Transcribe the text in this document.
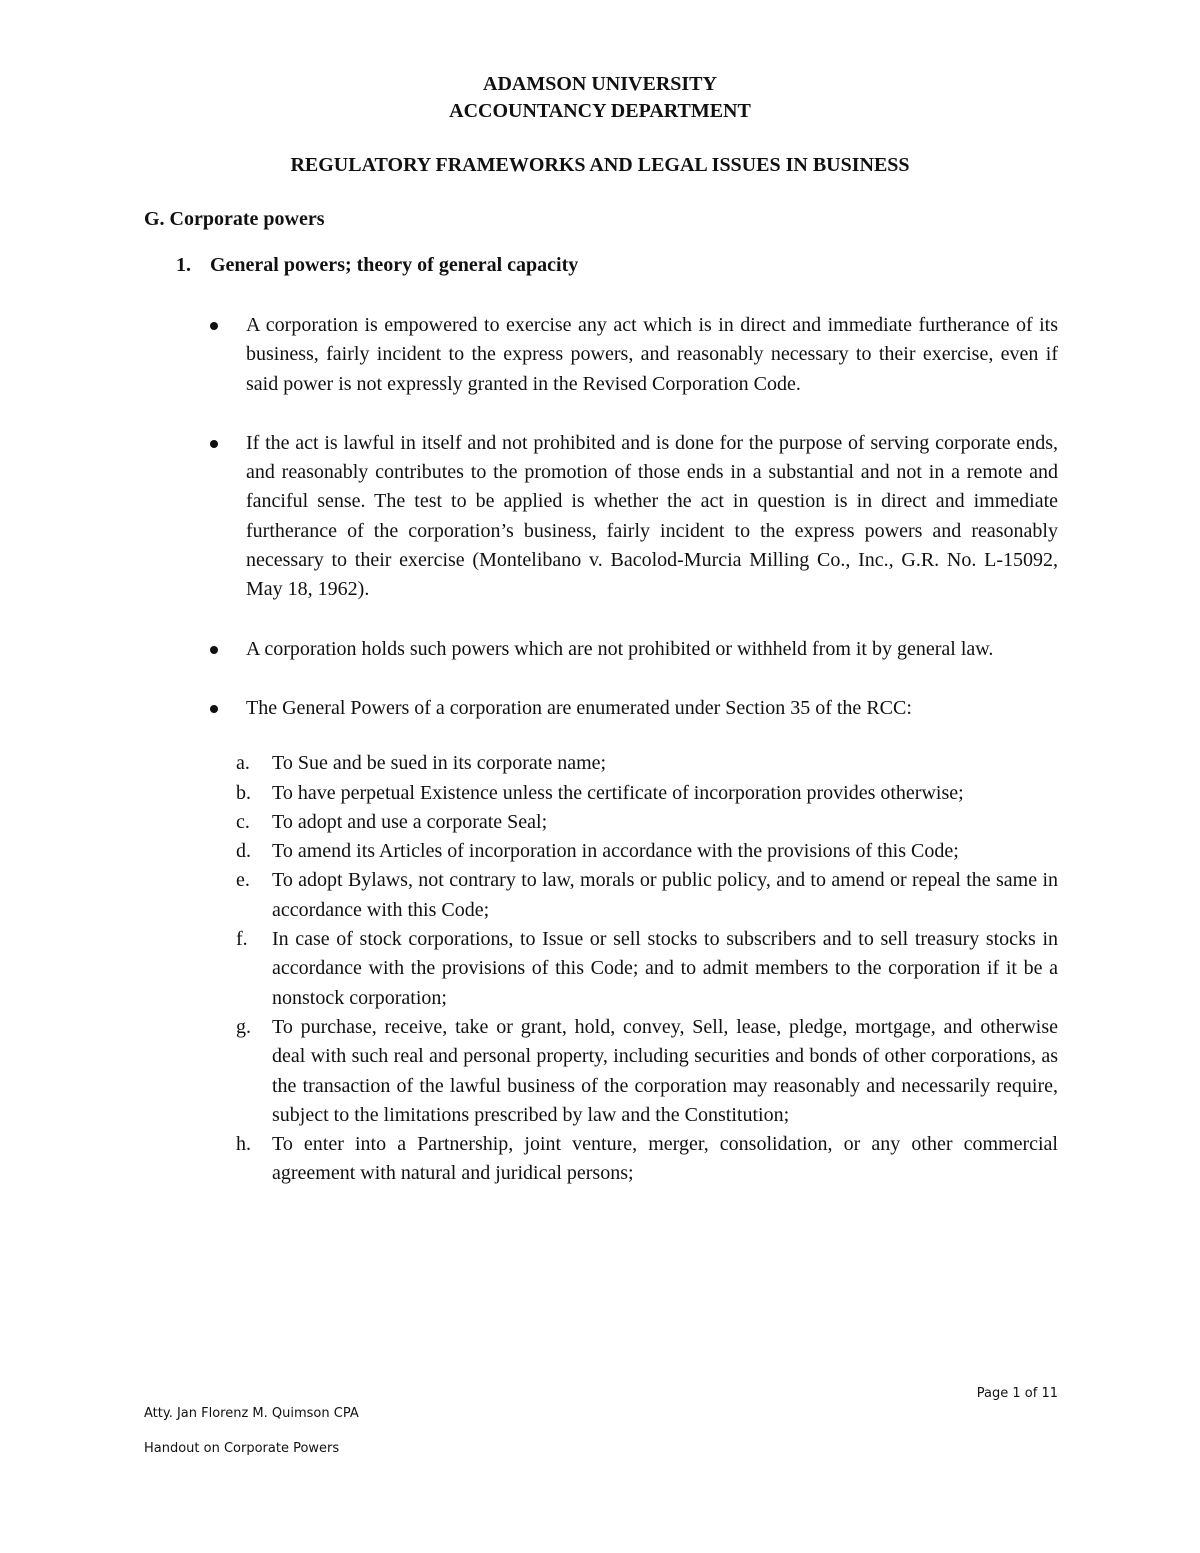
ADAMSON UNIVERSITY
ACCOUNTANCY DEPARTMENT
REGULATORY FRAMEWORKS AND LEGAL ISSUES IN BUSINESS
G. Corporate powers
1. General powers; theory of general capacity
A corporation is empowered to exercise any act which is in direct and immediate furtherance of its business, fairly incident to the express powers, and reasonably necessary to their exercise, even if said power is not expressly granted in the Revised Corporation Code.
If the act is lawful in itself and not prohibited and is done for the purpose of serving corporate ends, and reasonably contributes to the promotion of those ends in a substantial and not in a remote and fanciful sense. The test to be applied is whether the act in question is in direct and immediate furtherance of the corporation’s business, fairly incident to the express powers and reasonably necessary to their exercise (Montelibano v. Bacolod-Murcia Milling Co., Inc., G.R. No. L-15092, May 18, 1962).
A corporation holds such powers which are not prohibited or withheld from it by general law.
The General Powers of a corporation are enumerated under Section 35 of the RCC:
a. To Sue and be sued in its corporate name;
b. To have perpetual Existence unless the certificate of incorporation provides otherwise;
c. To adopt and use a corporate Seal;
d. To amend its Articles of incorporation in accordance with the provisions of this Code;
e. To adopt Bylaws, not contrary to law, morals or public policy, and to amend or repeal the same in accordance with this Code;
f. In case of stock corporations, to Issue or sell stocks to subscribers and to sell treasury stocks in accordance with the provisions of this Code; and to admit members to the corporation if it be a nonstock corporation;
g. To purchase, receive, take or grant, hold, convey, Sell, lease, pledge, mortgage, and otherwise deal with such real and personal property, including securities and bonds of other corporations, as the transaction of the lawful business of the corporation may reasonably and necessarily require, subject to the limitations prescribed by law and the Constitution;
h. To enter into a Partnership, joint venture, merger, consolidation, or any other commercial agreement with natural and juridical persons;
Page 1 of 11
Atty. Jan Florenz M. Quimson CPA
Handout on Corporate Powers
